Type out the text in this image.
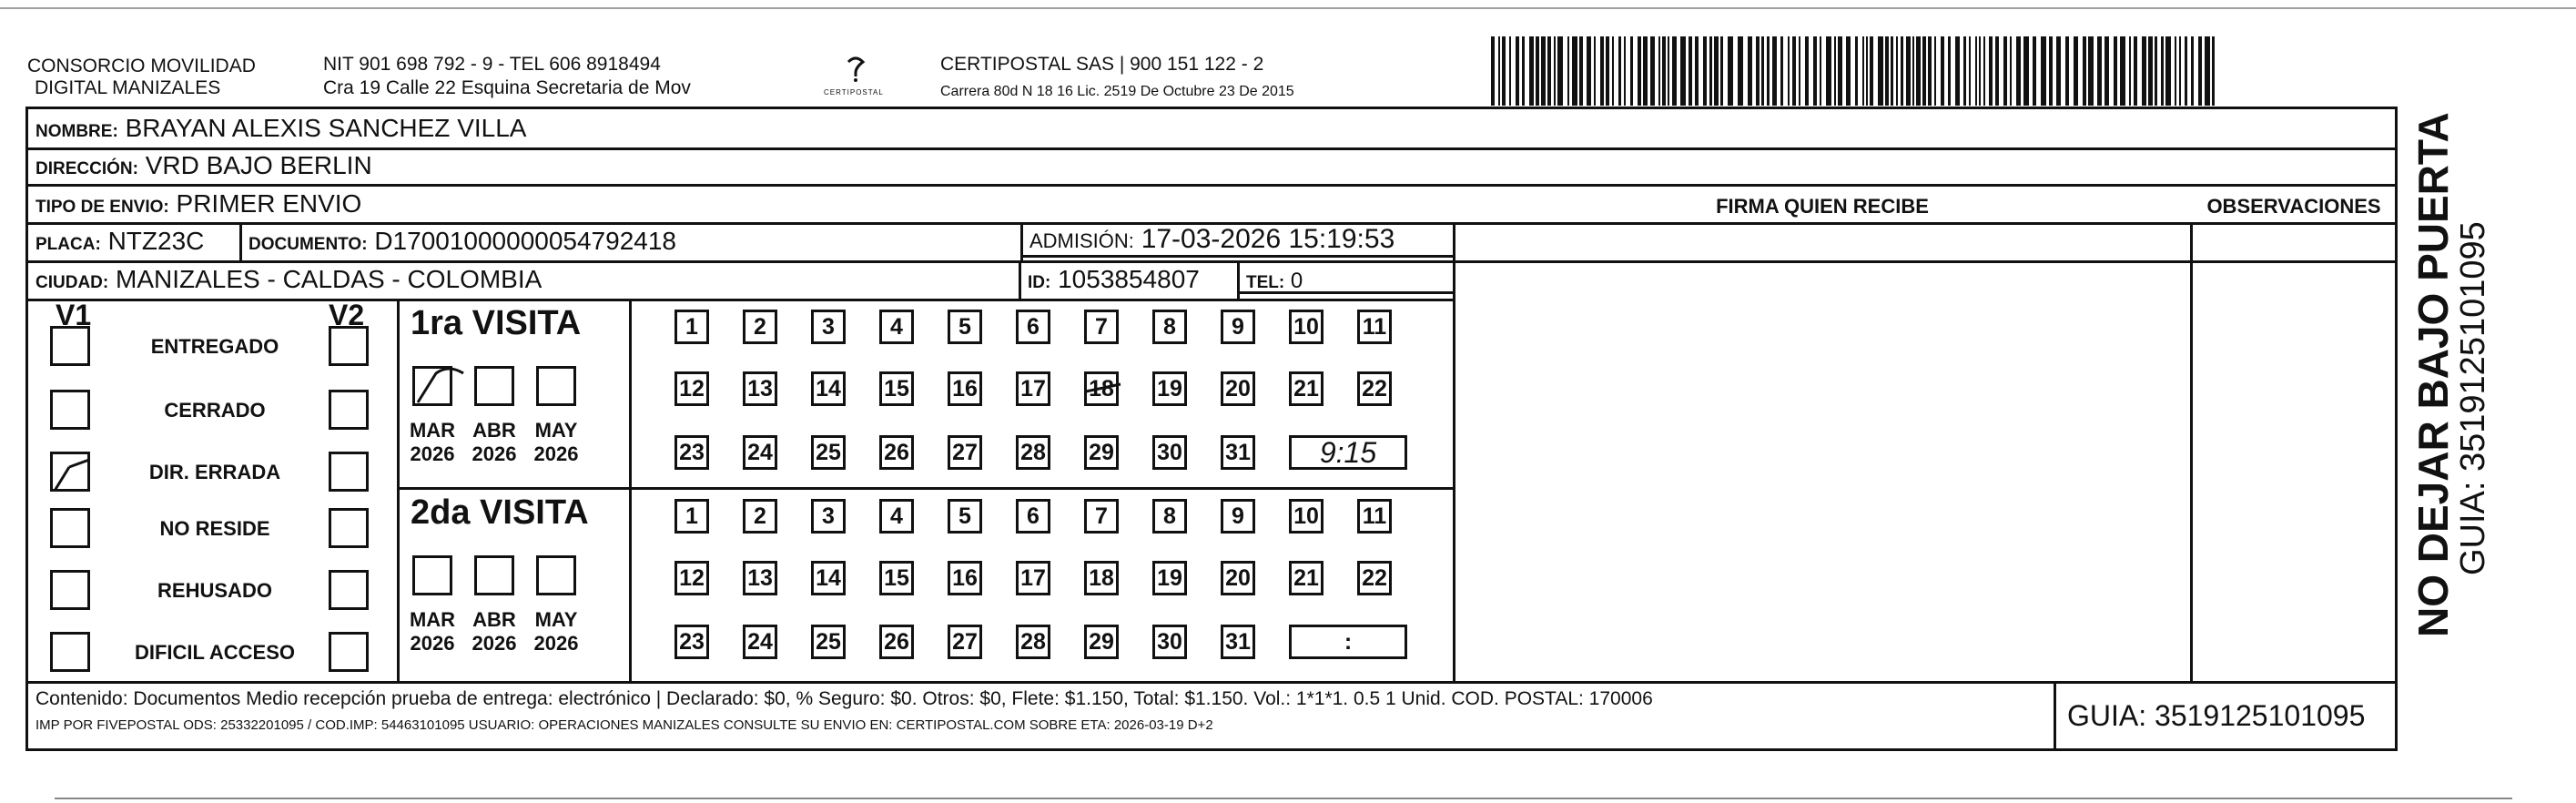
CONSORCIO MOVILIDAD
DIGITAL MANIZALES
NIT 901 698 792 - 9 - TEL 606 8918494
Cra 19 Calle 22 Esquina Secretaria de Mov	CERTIPOSTAL
CERTIPOSTAL SAS | 900 151 122 - 2
Carrera 80d N 18 16 Lic. 2519 De Octubre 23 De 2015
NOMBRE: BRAYAN ALEXIS SANCHEZ VILLA
DIRECCIÓN: VRD BAJO BERLIN
TIPO DE ENVIO: PRIMER ENVIO	FIRMA QUIEN RECIBE	OBSERVACIONES
PLACA: NTZ23C	DOCUMENTO: D17001000000054792418	ADMISIÓN: 17-03-2026 15:19:53
CIUDAD: MANIZALES - CALDAS - COLOMBIA	ID: 1053854807	TEL: 0
V1	V2
ENTREGADO
CERRADO
DIR. ERRADA
NO RESIDE
REHUSADO
DIFICIL ACCESO
1ra VISITA
2da VISITA
MAR
2026
ABR
2026
MAY
2026
MAR
2026
ABR
2026
MAY
2026
1	2	3	4	5	6	7	8	9	10 11
12 13 14 15 16 17 18 19 20 21 22
23 24 25 26 27 28 29 30 31	9:15
1	2	3	4	5	6	7	8	9	10 11
12 13 14 15 16 17 18 19 20 21 22
23 24 25 26 27 28 29 30 31	:
Contenido: Documentos Medio recepción prueba de entrega: electrónico | Declarado: $0, % Seguro: $0. Otros: $0, Flete: $1.150, Total: $1.150. Vol.: 1*1*1. 0.5 1 Unid. COD. POSTAL: 170006
IMP POR FIVEPOSTAL ODS: 25332201095 / COD.IMP: 54463101095 USUARIO: OPERACIONES MANIZALES CONSULTE SU ENVIO EN: CERTIPOSTAL.COM SOBRE ETA: 2026-03-19 D+2	GUIA: 3519125101095
NO DEJAR BAJO PUERTA
GUIA: 3519125101095
